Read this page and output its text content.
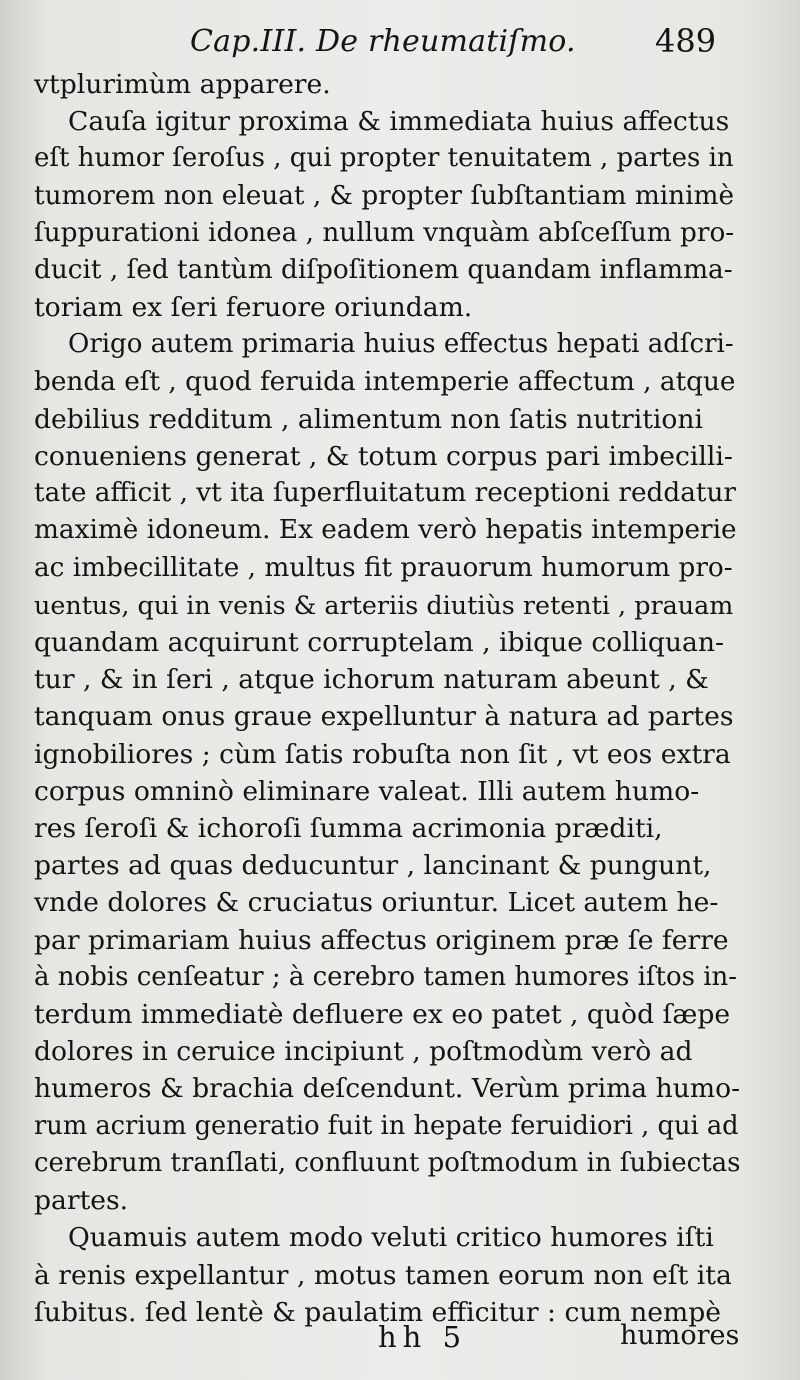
Cap.III. De rheumatiſmo. 489
vtplurimùm apparere.
Cauſa igitur proxima & immediata huius affectus
eſt humor ſeroſus , qui propter tenuitatem , partes in
tumorem non eleuat , & propter ſubſtantiam minimè
ſuppurationi idonea , nullum vnquàm abſceſſum pro-
ducit , ſed tantùm diſpoſitionem quandam inflamma-
toriam ex ſeri feruore oriundam.
Origo autem primaria huius effectus hepati adſcri-
benda eſt , quod feruida intemperie affectum , atque
debilius redditum , alimentum non ſatis nutritioni
conueniens generat , & totum corpus pari imbecilli-
tate afficit , vt ita ſuperfluitatum receptioni reddatur
maximè idoneum. Ex eadem verò hepatis intemperie
ac imbecillitate , multus fit prauorum humorum pro-
uentus, qui in venis & arteriis diutiùs retenti , prauam
quandam acquirunt corruptelam , ibique colliquan-
tur , & in ſeri , atque ichorum naturam abeunt , &
tanquam onus graue expelluntur à natura ad partes
ignobiliores ; cùm ſatis robuſta non ſit , vt eos extra
corpus omninò eliminare valeat. Illi autem humo-
res ſeroſi & ichoroſi ſumma acrimonia præditi,
partes ad quas deducuntur , lancinant & pungunt,
vnde dolores & cruciatus oriuntur. Licet autem he-
par primariam huius affectus originem præ ſe ferre
à nobis cenſeatur ; à cerebro tamen humores iſtos in-
terdum immediatè defluere ex eo patet , quòd ſæpe
dolores in ceruice incipiunt , poſtmodùm verò ad
humeros & brachia deſcendunt. Verùm prima humo-
rum acrium generatio fuit in hepate feruidiori , qui ad
cerebrum tranſlati, confluunt poſtmodum in ſubiectas
partes.
Quamuis autem modo veluti critico humores iſti
à renis expellantur , motus tamen eorum non eſt ita
ſubitus. ſed lentè & paulatim efficitur : cum nempè
hh 5	humores
